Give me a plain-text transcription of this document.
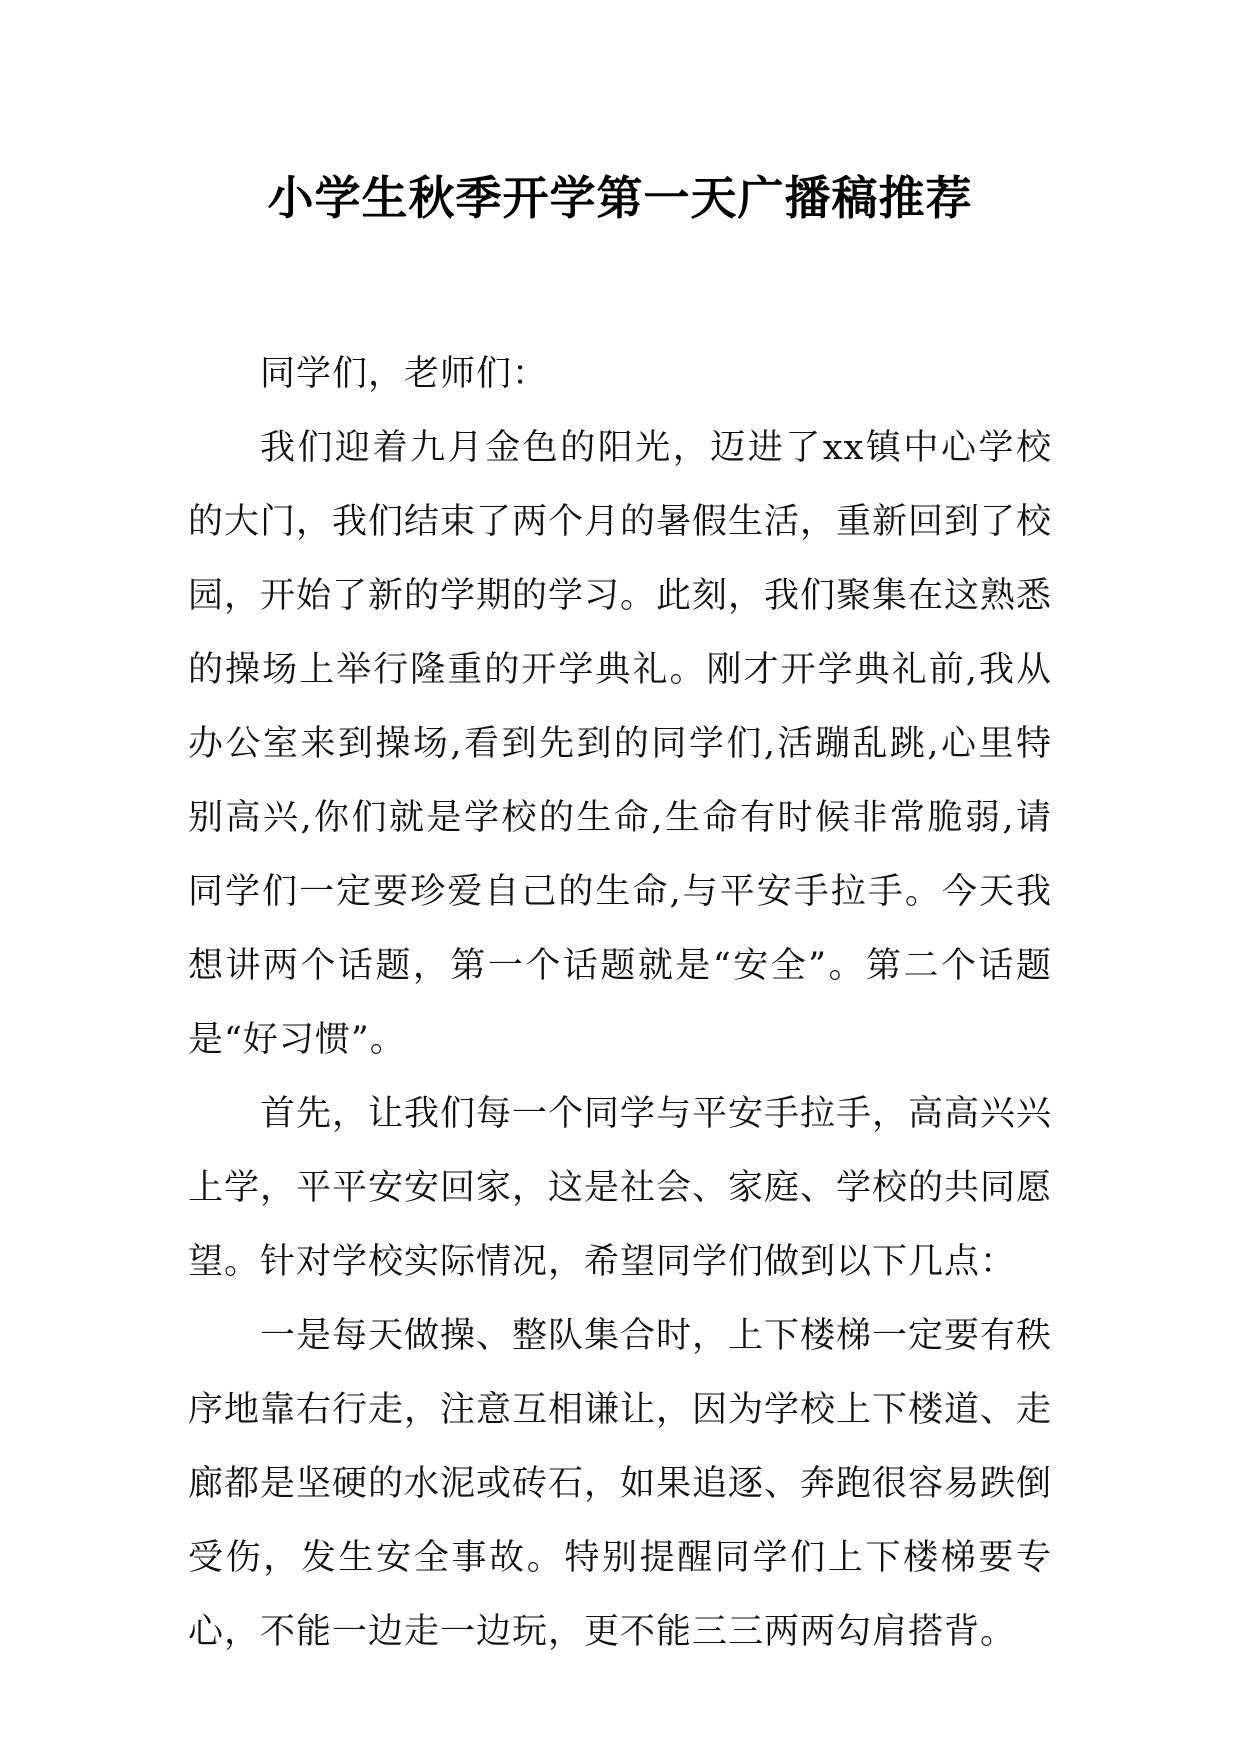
小学生秋季开学第一天广播稿推荐

同学们，老师们：

我们迎着九月金色的阳光，迈进了xx镇中心学校的大门，我们结束了两个月的暑假生活，重新回到了校园，开始了新的学期的学习。此刻，我们聚集在这熟悉的操场上举行隆重的开学典礼。刚才开学典礼前,我从办公室来到操场,看到先到的同学们,活蹦乱跳,心里特别高兴,你们就是学校的生命,生命有时候非常脆弱,请同学们一定要珍爱自己的生命,与平安手拉手。今天我想讲两个话题，第一个话题就是“安全”。第二个话题是“好习惯”。

首先，让我们每一个同学与平安手拉手，高高兴兴上学，平平安安回家，这是社会、家庭、学校的共同愿望。针对学校实际情况，希望同学们做到以下几点：

一是每天做操、整队集合时，上下楼梯一定要有秩序地靠右行走，注意互相谦让，因为学校上下楼道、走廊都是坚硬的水泥或砖石，如果追逐、奔跑很容易跌倒受伤，发生安全事故。特别提醒同学们上下楼梯要专心，不能一边走一边玩，更不能三三两两勾肩搭背。
